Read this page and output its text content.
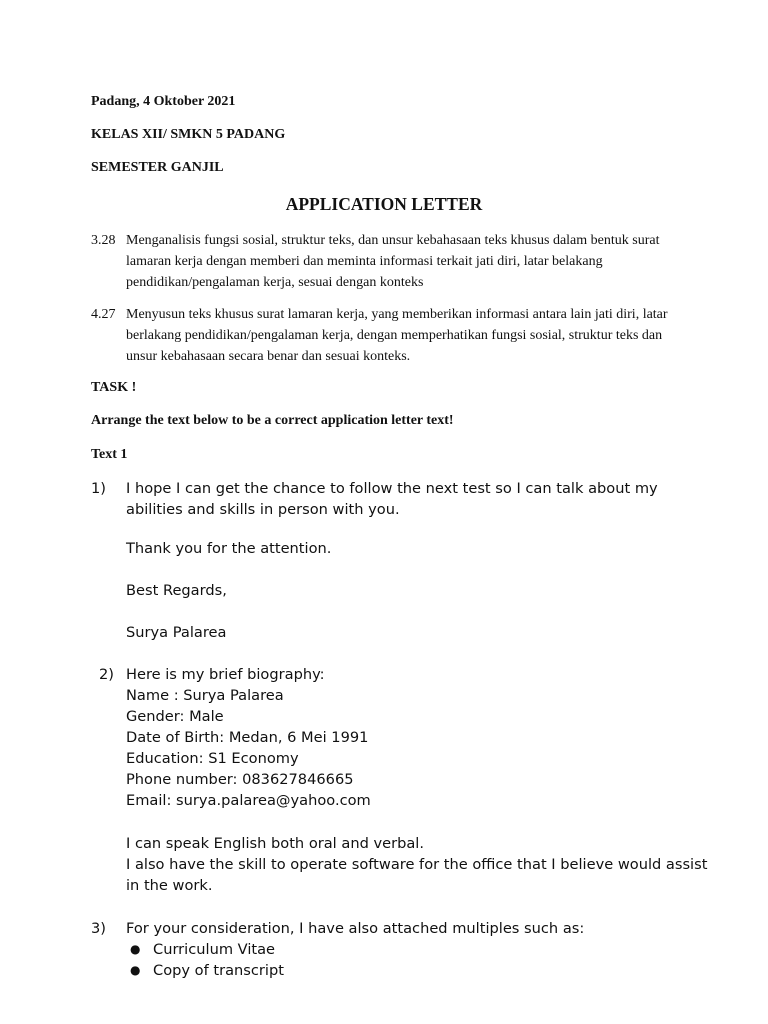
Padang, 4 Oktober 2021
KELAS XII/ SMKN 5 PADANG
SEMESTER GANJIL
APPLICATION LETTER
3.28 Menganalisis fungsi sosial, struktur teks, dan unsur kebahasaan teks khusus dalam bentuk surat lamaran kerja dengan memberi dan meminta informasi terkait jati diri, latar belakang pendidikan/pengalaman kerja, sesuai dengan konteks
4.27 Menyusun teks khusus surat lamaran kerja, yang memberikan informasi antara lain jati diri, latar berlakang pendidikan/pengalaman kerja, dengan memperhatikan fungsi sosial, struktur teks dan unsur kebahasaan secara benar dan sesuai konteks.
TASK !
Arrange the text below to be a correct application letter text!
Text 1
1) I hope I can get the chance to follow the next test so I can talk about my
abilities and skills in person with you.
Thank you for the attention.
Best Regards,
Surya Palarea
2) Here is my brief biography:
Name : Surya Palarea
Gender: Male
Date of Birth: Medan, 6 Mei 1991
Education: S1 Economy
Phone number: 083627846665
Email: surya.palarea@yahoo.com
I can speak English both oral and verbal.
I also have the skill to operate software for the office that I believe would assist
in the work.
3) For your consideration, I have also attached multiples such as:
● Curriculum Vitae
● Copy of transcript
